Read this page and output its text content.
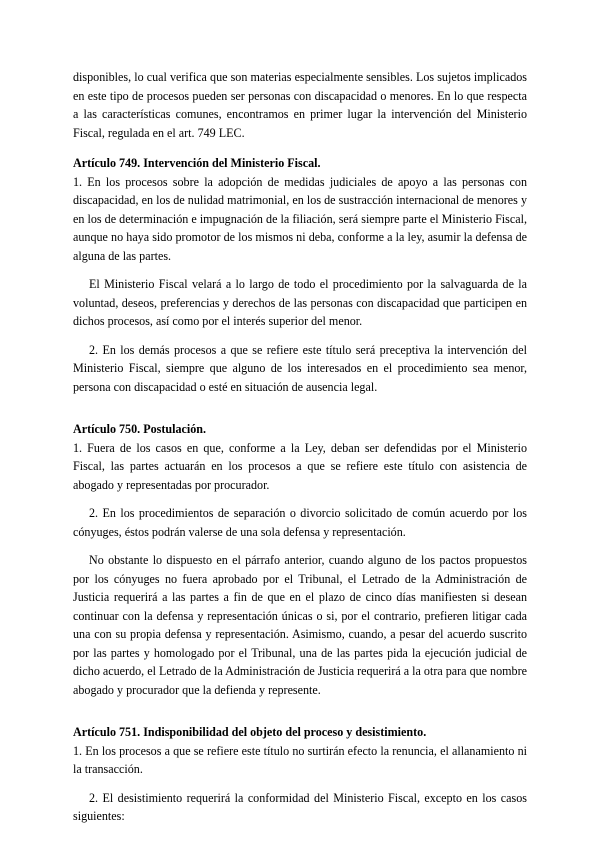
disponibles, lo cual verifica que son materias especialmente sensibles. Los sujetos implicados en este tipo de procesos pueden ser personas con discapacidad o menores. En lo que respecta a las características comunes, encontramos en primer lugar la intervención del Ministerio Fiscal, regulada en el art. 749 LEC.

Artículo 749. Intervención del Ministerio Fiscal.

1. En los procesos sobre la adopción de medidas judiciales de apoyo a las personas con discapacidad, en los de nulidad matrimonial, en los de sustracción internacional de menores y en los de determinación e impugnación de la filiación, será siempre parte el Ministerio Fiscal, aunque no haya sido promotor de los mismos ni deba, conforme a la ley, asumir la defensa de alguna de las partes.

El Ministerio Fiscal velará a lo largo de todo el procedimiento por la salvaguarda de la voluntad, deseos, preferencias y derechos de las personas con discapacidad que participen en dichos procesos, así como por el interés superior del menor.

2. En los demás procesos a que se refiere este título será preceptiva la intervención del Ministerio Fiscal, siempre que alguno de los interesados en el procedimiento sea menor, persona con discapacidad o esté en situación de ausencia legal.

Artículo 750. Postulación.

1. Fuera de los casos en que, conforme a la Ley, deban ser defendidas por el Ministerio Fiscal, las partes actuarán en los procesos a que se refiere este título con asistencia de abogado y representadas por procurador.

2. En los procedimientos de separación o divorcio solicitado de común acuerdo por los cónyuges, éstos podrán valerse de una sola defensa y representación.

No obstante lo dispuesto en el párrafo anterior, cuando alguno de los pactos propuestos por los cónyuges no fuera aprobado por el Tribunal, el Letrado de la Administración de Justicia requerirá a las partes a fin de que en el plazo de cinco días manifiesten si desean continuar con la defensa y representación únicas o si, por el contrario, prefieren litigar cada una con su propia defensa y representación. Asimismo, cuando, a pesar del acuerdo suscrito por las partes y homologado por el Tribunal, una de las partes pida la ejecución judicial de dicho acuerdo, el Letrado de la Administración de Justicia requerirá a la otra para que nombre abogado y procurador que la defienda y represente.

Artículo 751. Indisponibilidad del objeto del proceso y desistimiento.

1. En los procesos a que se refiere este título no surtirán efecto la renuncia, el allanamiento ni la transacción.

2. El desistimiento requerirá la conformidad del Ministerio Fiscal, excepto en los casos siguientes:
